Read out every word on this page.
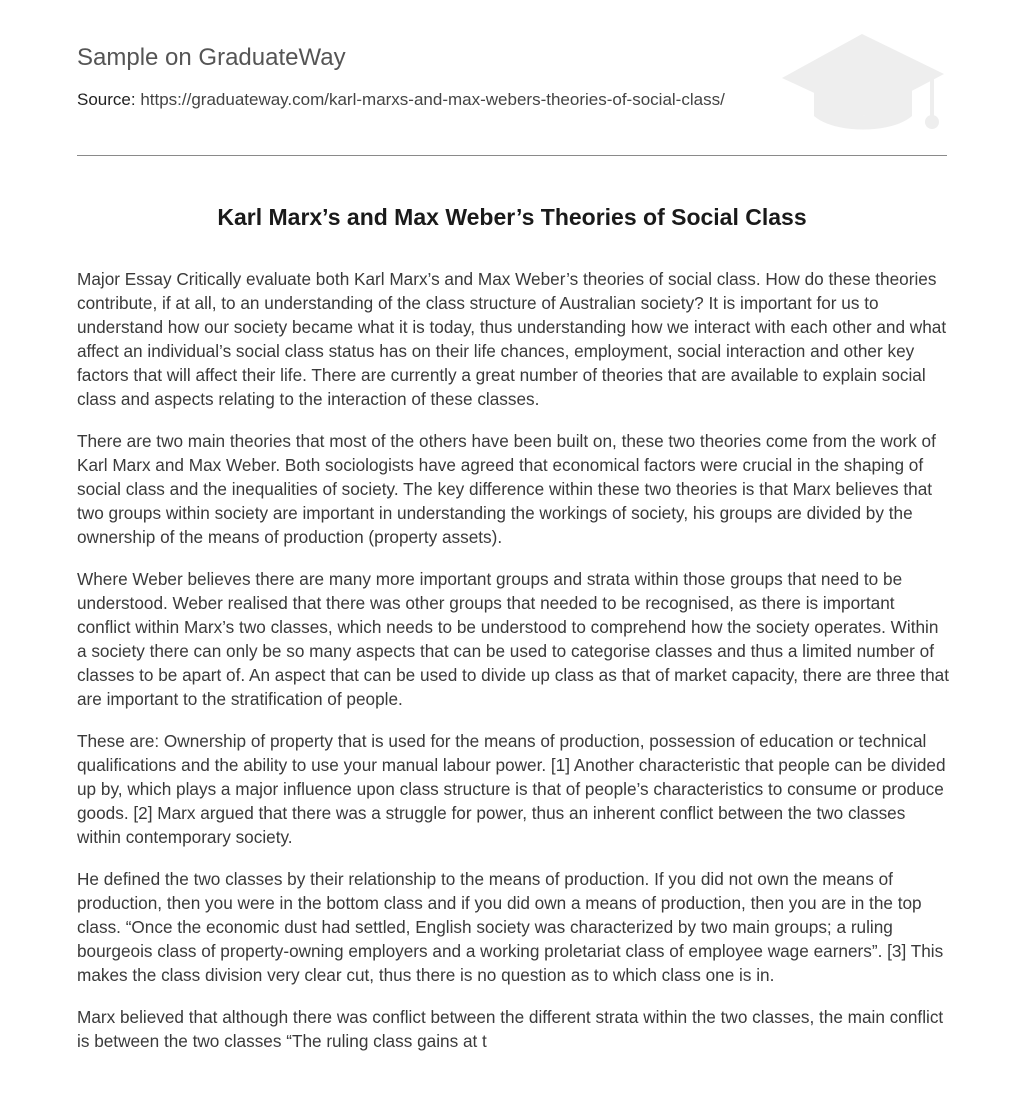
Sample on GraduateWay
Source: https://graduateway.com/karl-marxs-and-max-webers-theories-of-social-class/
Karl Marx’s and Max Weber’s Theories of Social Class

Major Essay Critically evaluate both Karl Marx’s and Max Weber’s theories of social class. How do these theories contribute, if at all, to an understanding of the class structure of Australian society? It is important for us to understand how our society became what it is today, thus understanding how we interact with each other and what affect an individual’s social class status has on their life chances, employment, social interaction and other key factors that will affect their life. There are currently a great number of theories that are available to explain social class and aspects relating to the interaction of these classes.

There are two main theories that most of the others have been built on, these two theories come from the work of Karl Marx and Max Weber. Both sociologists have agreed that economical factors were crucial in the shaping of social class and the inequalities of society. The key difference within these two theories is that Marx believes that two groups within society are important in understanding the workings of society, his groups are divided by the ownership of the means of production (property assets).

Where Weber believes there are many more important groups and strata within those groups that need to be understood. Weber realised that there was other groups that needed to be recognised, as there is important conflict within Marx’s two classes, which needs to be understood to comprehend how the society operates. Within a society there can only be so many aspects that can be used to categorise classes and thus a limited number of classes to be apart of. An aspect that can be used to divide up class as that of market capacity, there are three that are important to the stratification of people.

These are: Ownership of property that is used for the means of production, possession of education or technical qualifications and the ability to use your manual labour power. [1] Another characteristic that people can be divided up by, which plays a major influence upon class structure is that of people’s characteristics to consume or produce goods. [2] Marx argued that there was a struggle for power, thus an inherent conflict between the two classes within contemporary society.

He defined the two classes by their relationship to the means of production. If you did not own the means of production, then you were in the bottom class and if you did own a means of production, then you are in the top class. “Once the economic dust had settled, English society was characterized by two main groups; a ruling bourgeois class of property-owning employers and a working proletariat class of employee wage earners”. [3] This makes the class division very clear cut, thus there is no question as to which class one is in.

Marx believed that although there was conflict between the different strata within the two classes, the main conflict is between the two classes “The ruling class gains at t
